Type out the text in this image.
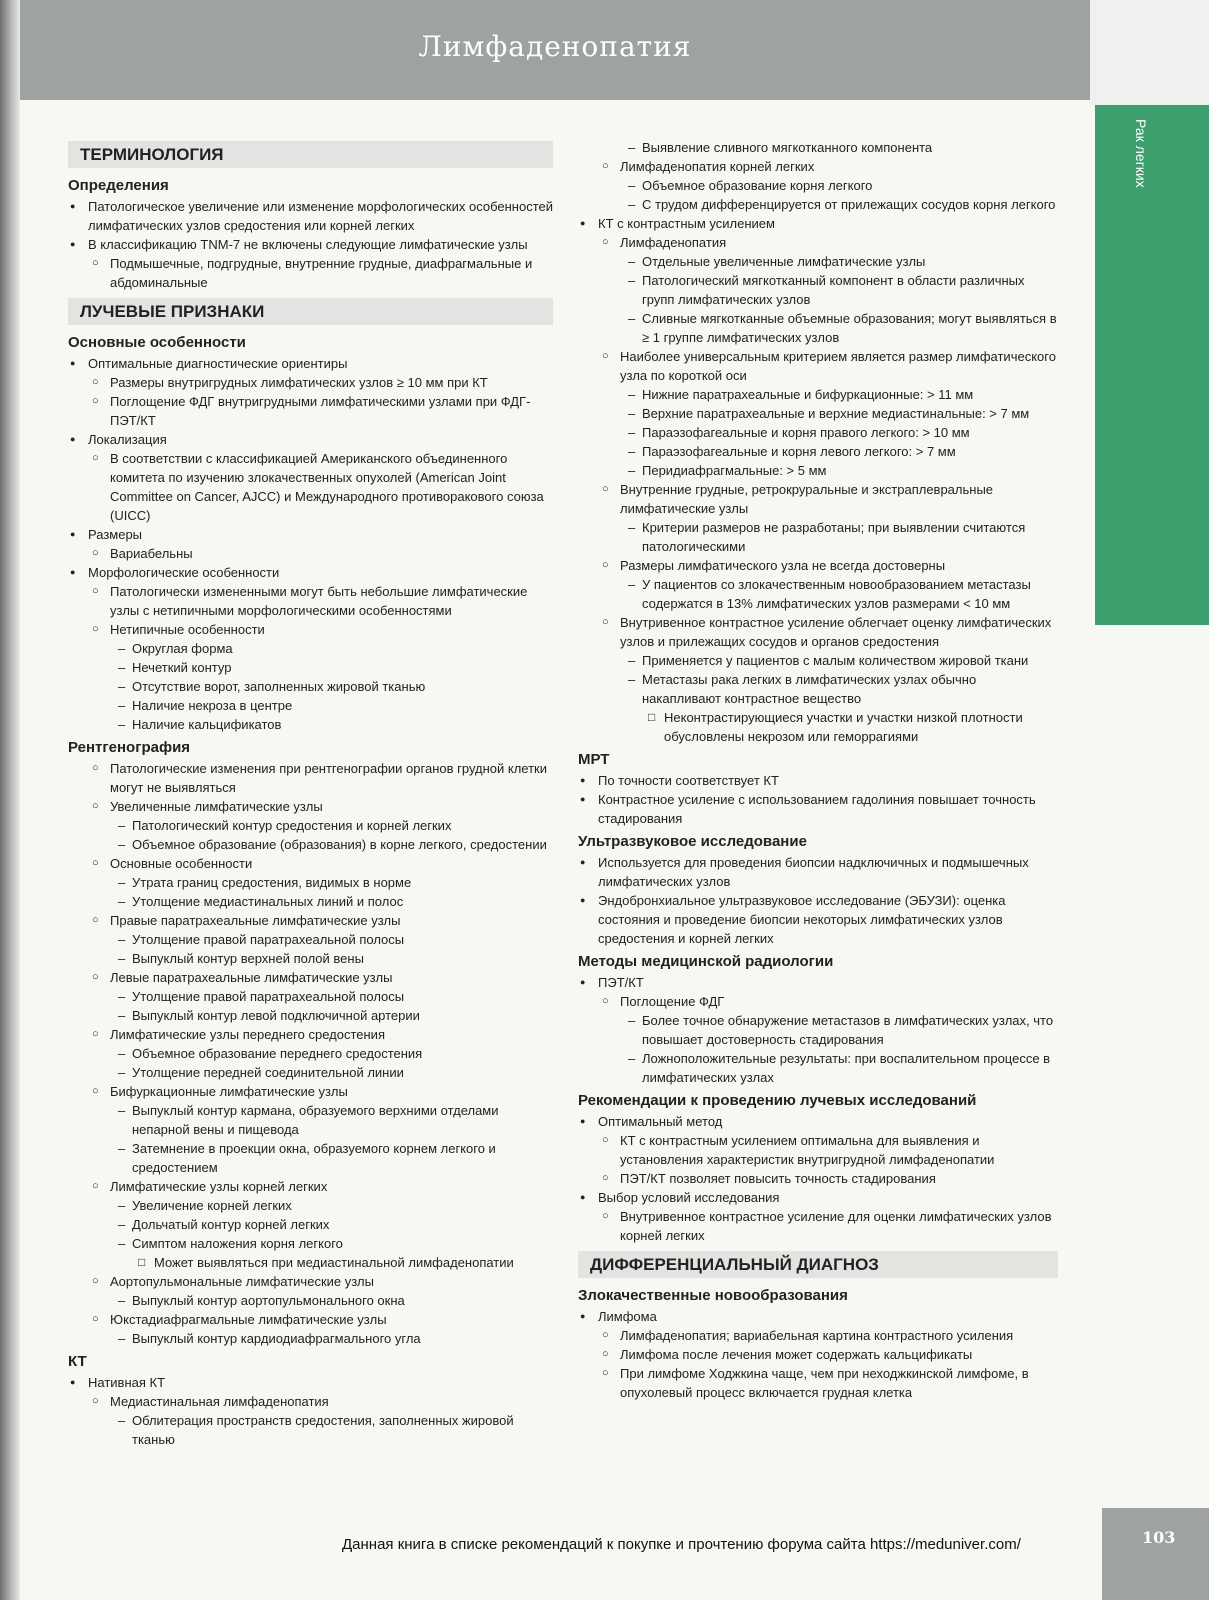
Лимфаденопатия
Рак легких
ТЕРМИНОЛОГИЯ
Определения
● Патологическое увеличение или изменение морфологических особенностей лимфатических узлов средостения или корней легких
● В классификацию TNM-7 не включены следующие лимфатические узлы
○ Подмышечные, подгрудные, внутренние грудные, диафрагмальные и абдоминальные
ЛУЧЕВЫЕ ПРИЗНАКИ
Основные особенности
● Оптимальные диагностические ориентиры
○ Размеры внутригрудных лимфатических узлов ≥ 10 мм при КТ
○ Поглощение ФДГ внутригрудными лимфатическими узлами при ФДГ-ПЭТ/КТ
● Локализация
○ В соответствии с классификацией Американского объединенного комитета по изучению злокачественных опухолей (American Joint Committee on Cancer, AJCC) и Международного противоракового союза (UICC)
● Размеры
○ Вариабельны
● Морфологические особенности
○ Патологически измененными могут быть небольшие лимфатические узлы с нетипичными морфологическими особенностями
○ Нетипичные особенности
– Округлая форма
– Нечеткий контур
– Отсутствие ворот, заполненных жировой тканью
– Наличие некроза в центре
– Наличие кальцификатов
Рентгенография
○ Патологические изменения при рентгенографии органов грудной клетки могут не выявляться
○ Увеличенные лимфатические узлы
– Патологический контур средостения и корней легких
– Объемное образование (образования) в корне легкого, средостении
○ Основные особенности
– Утрата границ средостения, видимых в норме
– Утолщение медиастинальных линий и полос
○ Правые паратрахеальные лимфатические узлы
– Утолщение правой паратрахеальной полосы
– Выпуклый контур верхней полой вены
○ Левые паратрахеальные лимфатические узлы
– Утолщение правой паратрахеальной полосы
– Выпуклый контур левой подключичной артерии
○ Лимфатические узлы переднего средостения
– Объемное образование переднего средостения
– Утолщение передней соединительной линии
○ Бифуркационные лимфатические узлы
– Выпуклый контур кармана, образуемого верхними отделами непарной вены и пищевода
– Затемнение в проекции окна, образуемого корнем легкого и средостением
○ Лимфатические узлы корней легких
– Увеличение корней легких
– Дольчатый контур корней легких
– Симптом наложения корня легкого
□ Может выявляться при медиастинальной лимфаденопатии
○ Аортопульмональные лимфатические узлы
– Выпуклый контур аортопульмонального окна
○ Юкстадиафрагмальные лимфатические узлы
– Выпуклый контур кардиодиафрагмального угла
КТ
● Нативная КТ
○ Медиастинальная лимфаденопатия
– Облитерация пространств средостения, заполненных жировой тканью
– Выявление сливного мягкотканного компонента
○ Лимфаденопатия корней легких
– Объемное образование корня легкого
– С трудом дифференцируется от прилежащих сосудов корня легкого
● КТ с контрастным усилением
○ Лимфаденопатия
– Отдельные увеличенные лимфатические узлы
– Патологический мягкотканный компонент в области различных групп лимфатических узлов
– Сливные мягкотканные объемные образования; могут выявляться в ≥ 1 группе лимфатических узлов
○ Наиболее универсальным критерием является размер лимфатического узла по короткой оси
– Нижние паратрахеальные и бифуркационные: > 11 мм
– Верхние паратрахеальные и верхние медиастинальные: > 7 мм
– Параэзофагеальные и корня правого легкого: > 10 мм
– Параэзофагеальные и корня левого легкого: > 7 мм
– Перидиафрагмальные: > 5 мм
○ Внутренние грудные, ретрокруральные и экстраплевральные лимфатические узлы
– Критерии размеров не разработаны; при выявлении считаются патологическими
○ Размеры лимфатического узла не всегда достоверны
– У пациентов со злокачественным новообразованием метастазы содержатся в 13% лимфатических узлов размерами < 10 мм
○ Внутривенное контрастное усиление облегчает оценку лимфатических узлов и прилежащих сосудов и органов средостения
– Применяется у пациентов с малым количеством жировой ткани
– Метастазы рака легких в лимфатических узлах обычно накапливают контрастное вещество
□ Неконтрастирующиеся участки и участки низкой плотности обусловлены некрозом или геморрагиями
МРТ
● По точности соответствует КТ
● Контрастное усиление с использованием гадолиния повышает точность стадирования
Ультразвуковое исследование
● Используется для проведения биопсии надключичных и подмышечных лимфатических узлов
● Эндобронхиальное ультразвуковое исследование (ЭБУЗИ): оценка состояния и проведение биопсии некоторых лимфатических узлов средостения и корней легких
Методы медицинской радиологии
● ПЭТ/КТ
○ Поглощение ФДГ
– Более точное обнаружение метастазов в лимфатических узлах, что повышает достоверность стадирования
– Ложноположительные результаты: при воспалительном процессе в лимфатических узлах
Рекомендации к проведению лучевых исследований
● Оптимальный метод
○ КТ с контрастным усилением оптимальна для выявления и установления характеристик внутригрудной лимфаденопатии
○ ПЭТ/КТ позволяет повысить точность стадирования
● Выбор условий исследования
○ Внутривенное контрастное усиление для оценки лимфатических узлов корней легких
ДИФФЕРЕНЦИАЛЬНЫЙ ДИАГНОЗ
Злокачественные новообразования
● Лимфома
○ Лимфаденопатия; вариабельная картина контрастного усиления
○ Лимфома после лечения может содержать кальцификаты
○ При лимфоме Ходжкина чаще, чем при неходжкинской лимфоме, в опухолевый процесс включается грудная клетка
103
Данная книга в списке рекомендаций к покупке и прочтению форума сайта https://meduniver.com/
